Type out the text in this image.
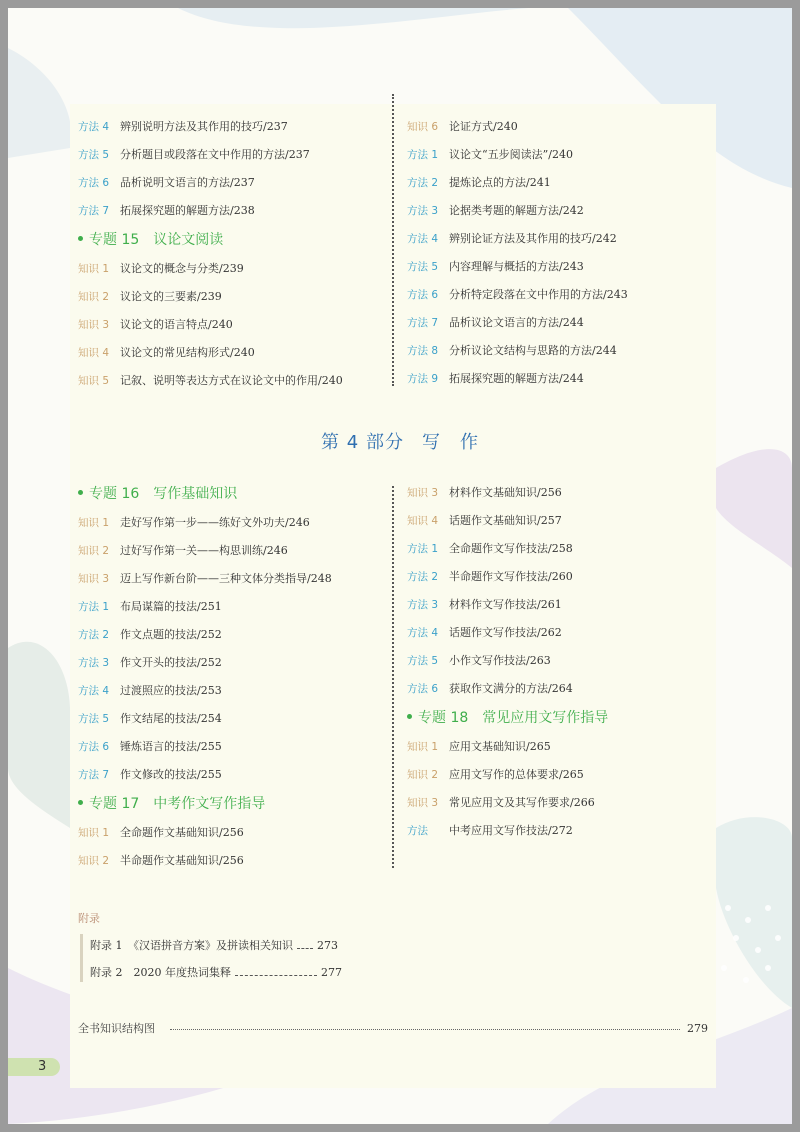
方法 4 辨别说明方法及其作用的技巧/237
方法 5 分析题目或段落在文中作用的方法/237
方法 6 品析说明文语言的方法/237
方法 7 拓展探究题的解题方法/238
专题 15 议论文阅读
知识 1 议论文的概念与分类/239
知识 2 议论文的三要素/239
知识 3 议论文的语言特点/240
知识 4 议论文的常见结构形式/240
知识 5 记叙、说明等表达方式在议论文中的作用/240
知识 6 论证方式/240
方法 1 议论文“五步阅读法”/240
方法 2 提炼论点的方法/241
方法 3 论据类考题的解题方法/242
方法 4 辨别论证方法及其作用的技巧/242
方法 5 内容理解与概括的方法/243
方法 6 分析特定段落在文中作用的方法/243
方法 7 品析议论文语言的方法/244
方法 8 分析议论文结构与思路的方法/244
方法 9 拓展探究题的解题方法/244
第 4 部分 写　作
专题 16 写作基础知识
知识 1 走好写作第一步——练好文外功夫/246
知识 2 过好写作第一关——构思训练/246
知识 3 迈上写作新台阶——三种文体分类指导/248
方法 1 布局谋篇的技法/251
方法 2 作文点题的技法/252
方法 3 作文开头的技法/252
方法 4 过渡照应的技法/253
方法 5 作文结尾的技法/254
方法 6 锤炼语言的技法/255
方法 7 作文修改的技法/255
专题 17 中考作文写作指导
知识 1 全命题作文基础知识/256
知识 2 半命题作文基础知识/256
知识 3 材料作文基础知识/256
知识 4 话题作文基础知识/257
方法 1 全命题作文写作技法/258
方法 2 半命题作文写作技法/260
方法 3 材料作文写作技法/261
方法 4 话题作文写作技法/262
方法 5 小作文写作技法/263
方法 6 获取作文满分的方法/264
专题 18 常见应用文写作指导
知识 1 应用文基础知识/265
知识 2 应用文写作的总体要求/265
知识 3 常见应用文及其写作要求/266
方法 中考应用文写作技法/272
附录
附录 1　《汉语拼音方案》及拼读相关知识 273
附录 2　2020 年度热词集释	277
全书知识结构图	279
3
